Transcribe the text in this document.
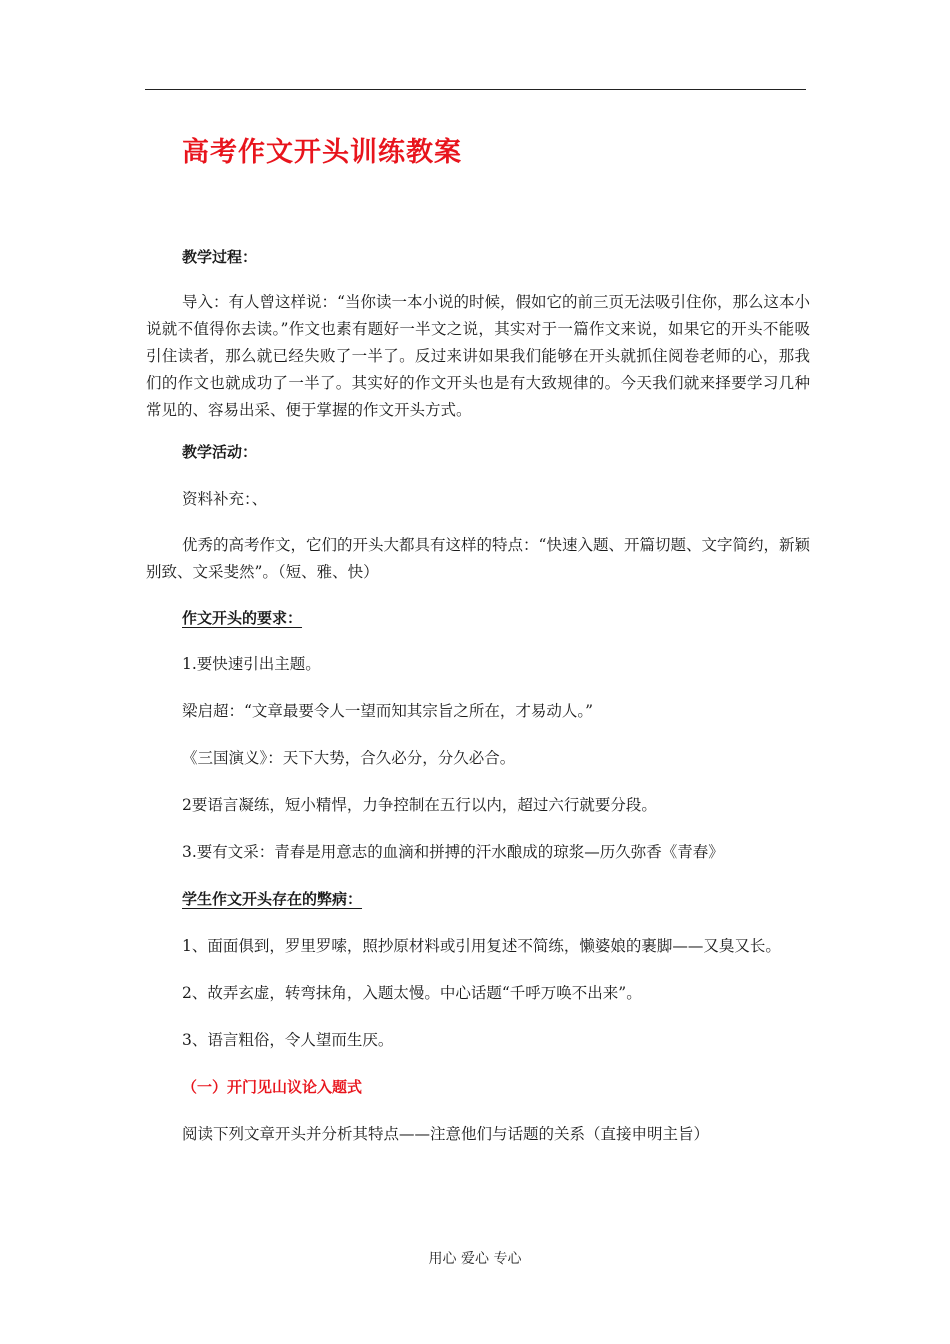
高考作文开头训练教案
教学过程：

导入：有人曾这样说：“当你读一本小说的时候，假如它的前三页无法吸引住你，那么这本小说就不值得你去读。”作文也素有题好一半文之说，其实对于一篇作文来说，如果它的开头不能吸引住读者，那么就已经失败了一半了。反过来讲如果我们能够在开头就抓住阅卷老师的心，那我们的作文也就成功了一半了。其实好的作文开头也是有大致规律的。今天我们就来择要学习几种常见的、容易出采、便于掌握的作文开头方式。

教学活动：
资料补充：、

优秀的高考作文，它们的开头大都具有这样的特点：“快速入题、开篇切题、文字简约，新颖别致、文采斐然”。（短、雅、快）

作文开头的要求：
1.要快速引出主题。
梁启超：“文章最要令人一望而知其宗旨之所在，才易动人。”
《三国演义》：天下大势，合久必分，分久必合。
2要语言凝练，短小精悍，力争控制在五行以内，超过六行就要分段。
3.要有文采：青春是用意志的血滴和拼搏的汗水酿成的琼浆—历久弥香《青春》
学生作文开头存在的弊病：
1、面面俱到，罗里罗嗦，照抄原材料或引用复述不简练，懒婆娘的裹脚——又臭又长。
2、故弄玄虚，转弯抹角，入题太慢。中心话题“千呼万唤不出来”。
3、语言粗俗，令人望而生厌。
（一）开门见山议论入题式
阅读下列文章开头并分析其特点——注意他们与话题的关系（直接申明主旨）
用心 爱心 专心
